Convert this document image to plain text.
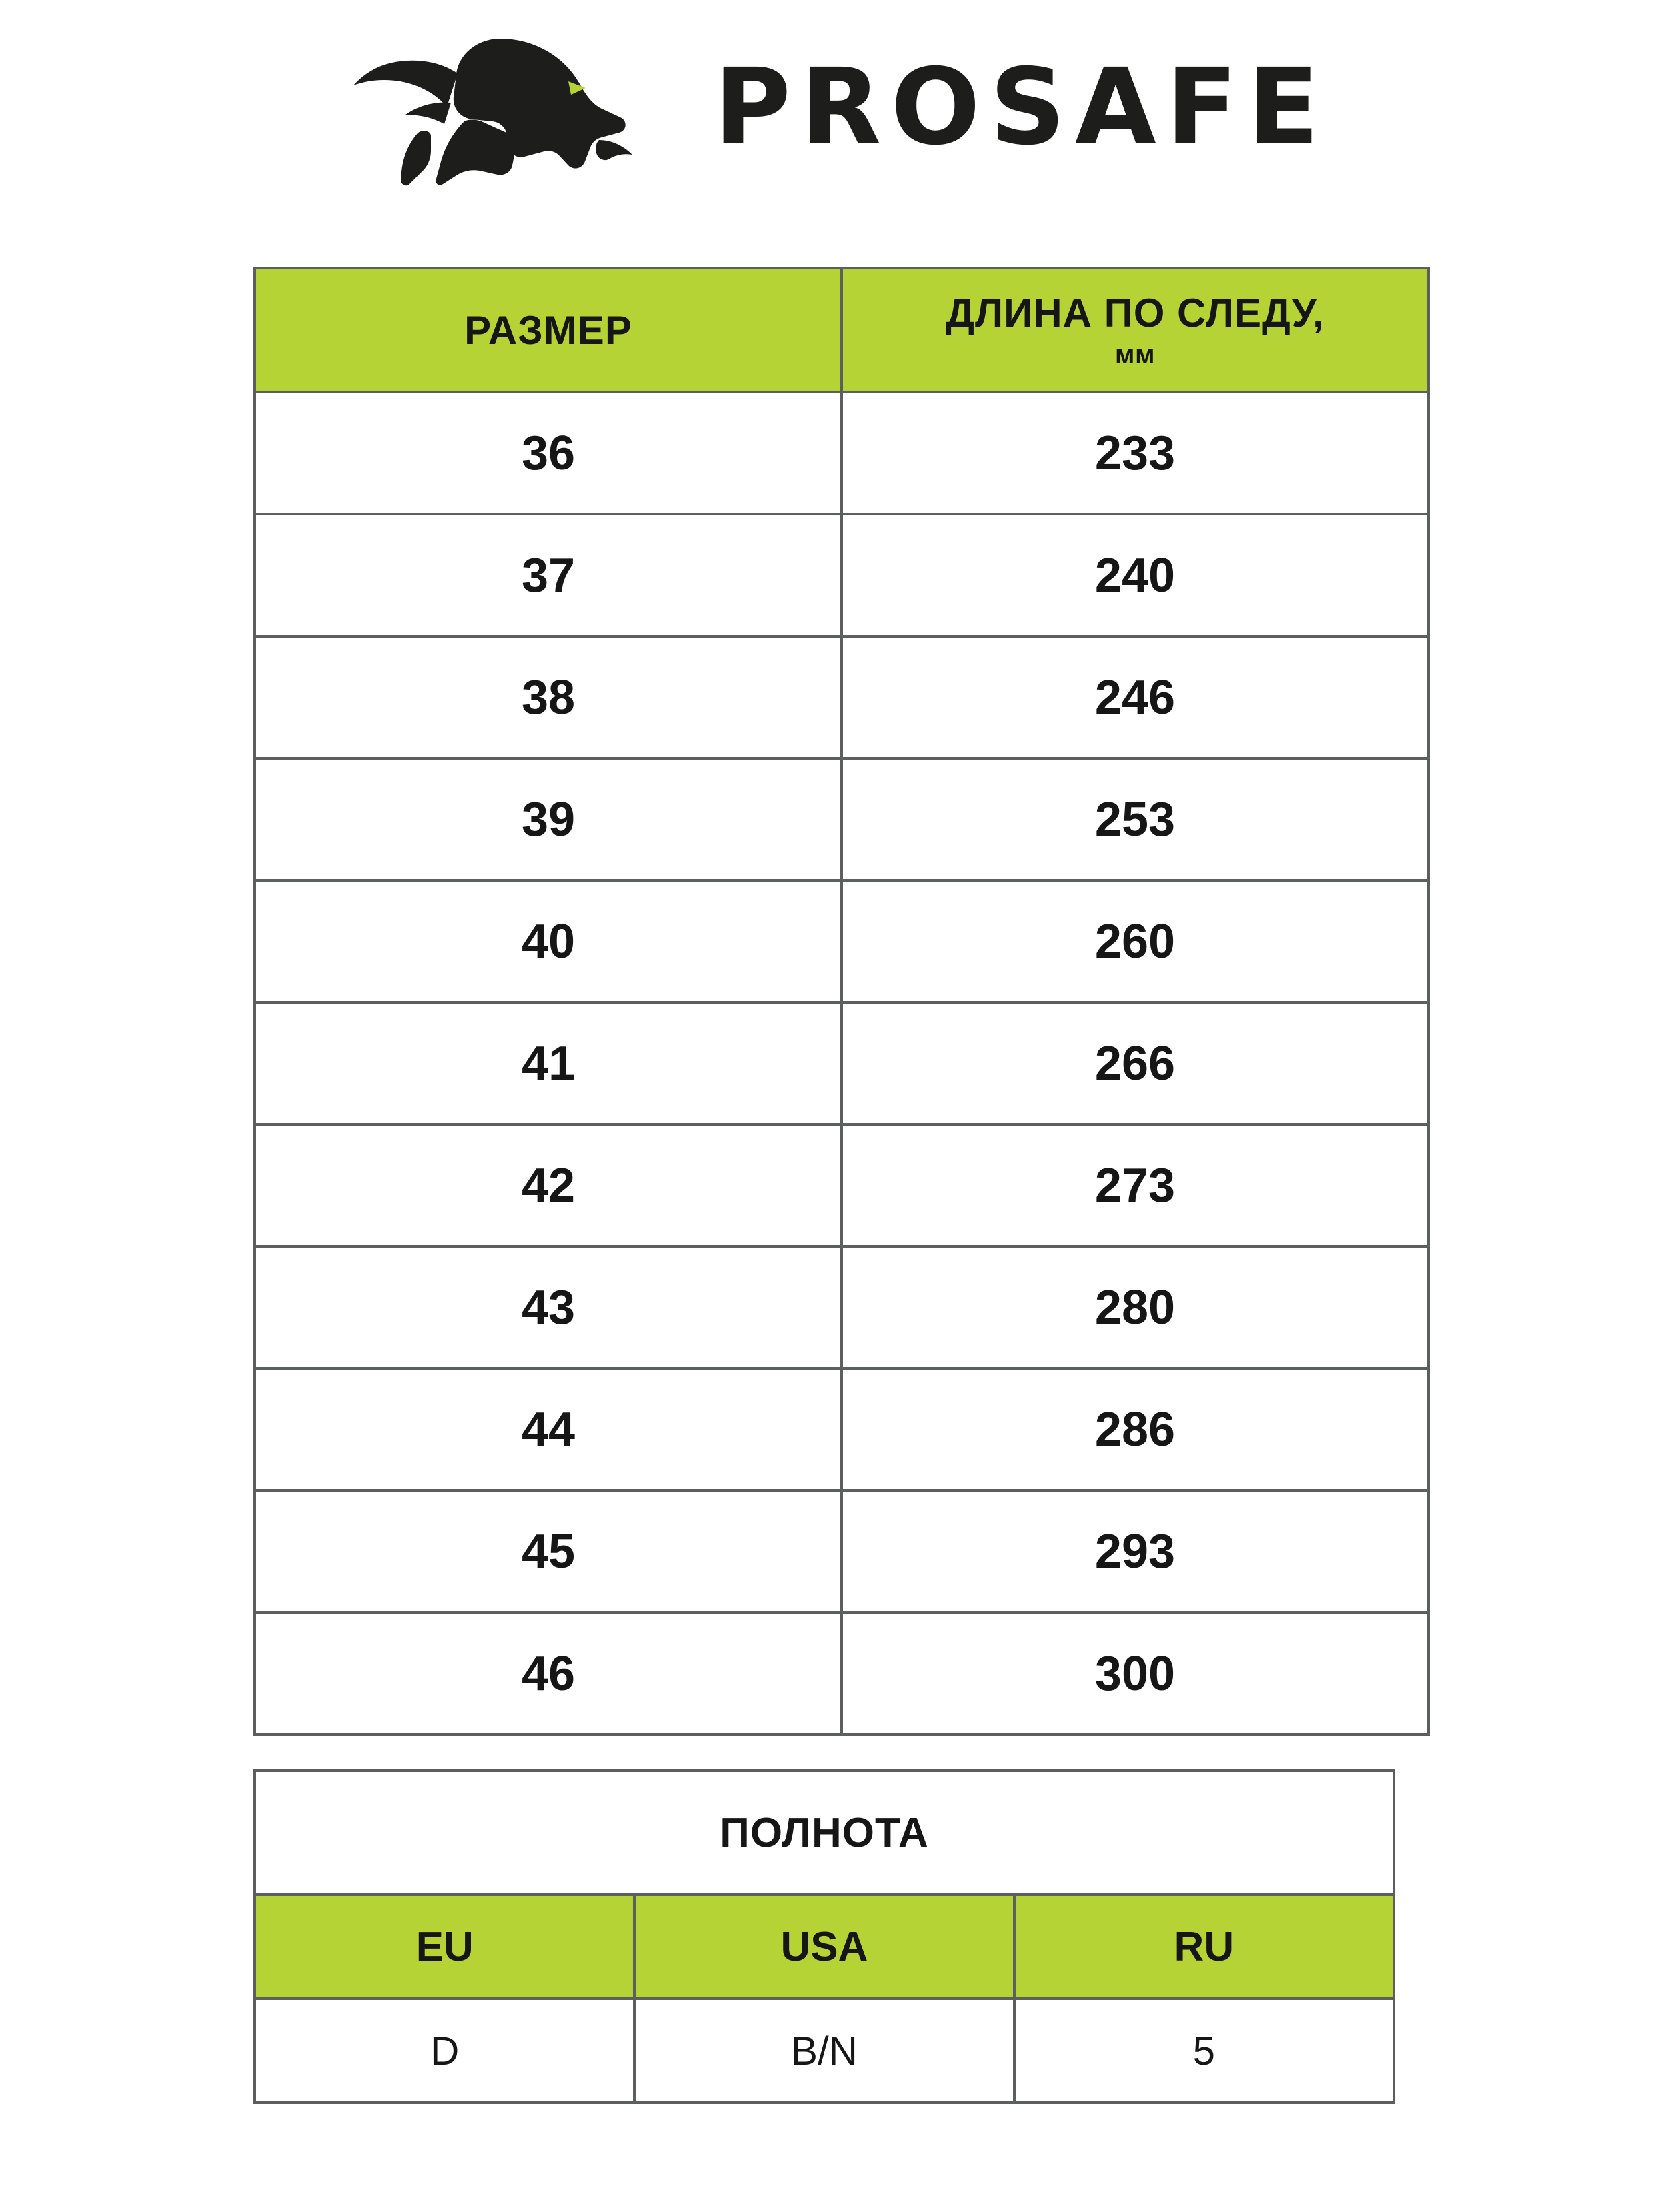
PROSAFE
РАЗМЕР	ДЛИНА ПО СЛЕДУ,
мм

36	233
37	240
38	246
39	253
40	260
41	266
42	273
43	280
44	286
45	293
46	300
ПОЛНОТА		
EU	USA	RU
D	B/N	5
